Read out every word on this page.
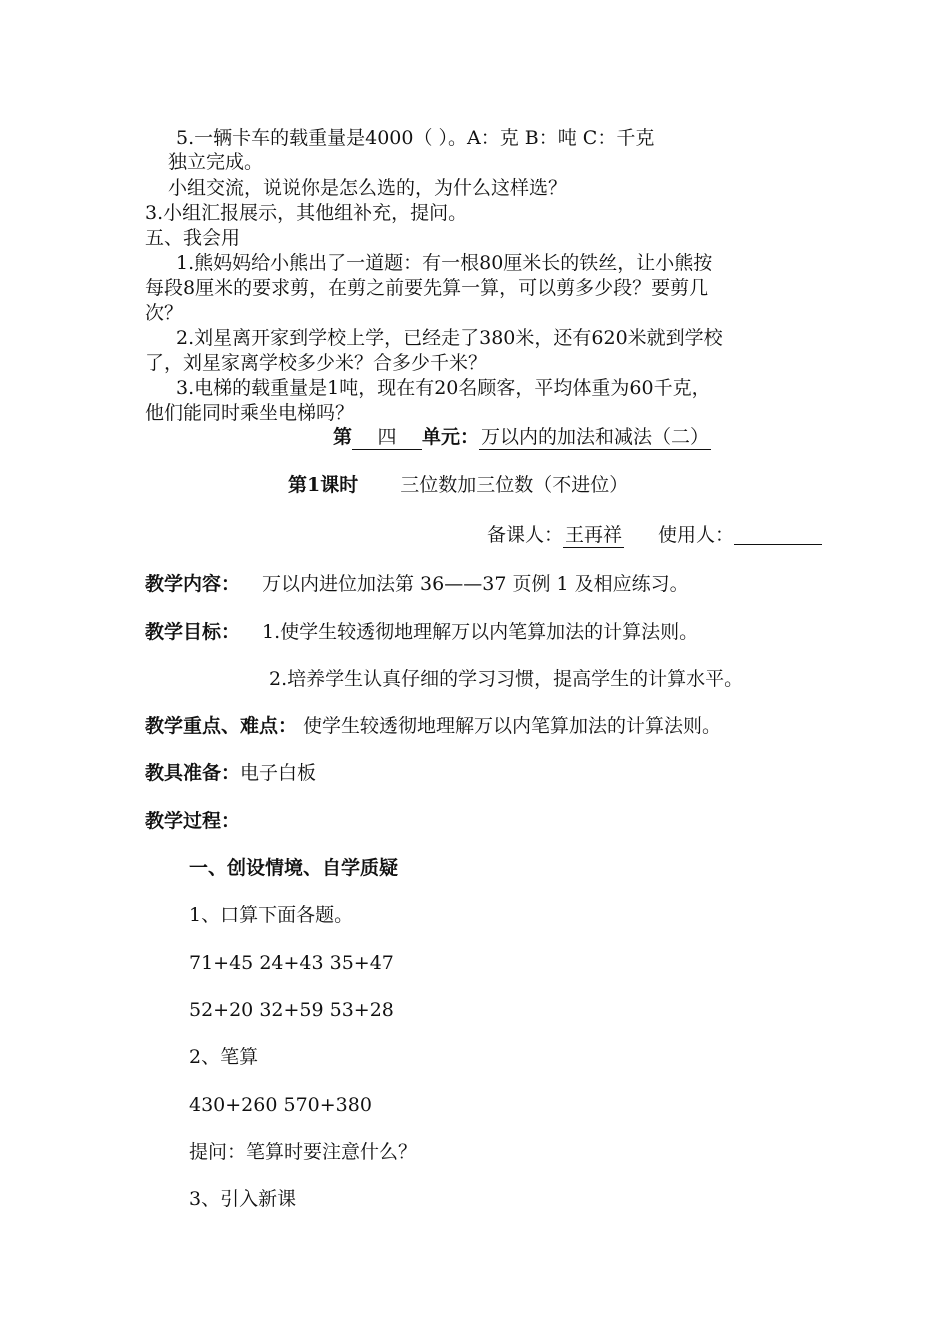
5.一辆卡车的载重量是4000（ ）。A：克 B：吨 C：千克
独立完成。
小组交流，说说你是怎么选的，为什么这样选？
3.小组汇报展示，其他组补充，提问。
五、我会用
1.熊妈妈给小熊出了一道题：有一根80厘米长的铁丝，让小熊按
每段8厘米的要求剪，在剪之前要先算一算，可以剪多少段？要剪几
次？
2.刘星离开家到学校上学，已经走了380米，还有620米就到学校
了，刘星家离学校多少米？合多少千米？
3.电梯的载重量是1吨，现在有20名顾客，平均体重为60千克，
他们能同时乘坐电梯吗？
第 四 单元： 万以内的加法和减法（二）
第1课时 三位数加三位数（不进位）
备课人： 王再祥 使用人：
教学内容： 万以内进位加法第 36——37 页例 1 及相应练习。
教学目标： 1.使学生较透彻地理解万以内笔算加法的计算法则。
2.培养学生认真仔细的学习习惯，提高学生的计算水平。
教学重点、难点： 使学生较透彻地理解万以内笔算加法的计算法则。
教具准备：电子白板
教学过程：
一、创设情境、自学质疑
1、口算下面各题。
71+45 24+43 35+47
52+20 32+59 53+28
2、笔算
430+260 570+380
提问：笔算时要注意什么？
3、引入新课
